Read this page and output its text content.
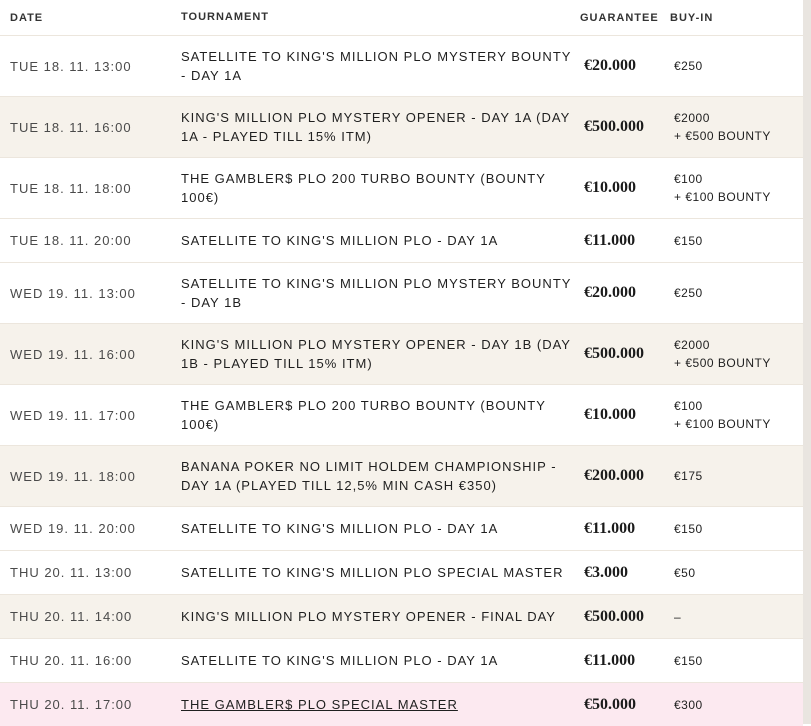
DATE	TOURNAMENT	GUARANTEE	BUY-IN
TUE 18. 11. 13:00
SATELLITE TO KING'S MILLION PLO MYSTERY BOUNTY - DAY 1A
€20.000	€250
TUE 18. 11. 16:00
KING'S MILLION PLO MYSTERY OPENER - DAY 1A (DAY 1A - PLAYED TILL 15% ITM)
€500.000	€2000
+ €500 BOUNTY
TUE 18. 11. 18:00
THE GAMBLER$ PLO 200 TURBO BOUNTY (BOUNTY 100€)
€10.000	€100
+ €100 BOUNTY
TUE 18. 11. 20:00	SATELLITE TO KING'S MILLION PLO - DAY 1A	€11.000	€150
WED 19. 11. 13:00
SATELLITE TO KING'S MILLION PLO MYSTERY BOUNTY - DAY 1B
€20.000	€250
WED 19. 11. 16:00
KING'S MILLION PLO MYSTERY OPENER - DAY 1B (DAY 1B - PLAYED TILL 15% ITM)
€500.000	€2000
+ €500 BOUNTY
WED 19. 11. 17:00
THE GAMBLER$ PLO 200 TURBO BOUNTY (BOUNTY 100€)
€10.000	€100
+ €100 BOUNTY
WED 19. 11. 18:00
BANANA POKER NO LIMIT HOLDEM CHAMPIONSHIP - DAY 1A (PLAYED TILL 12,5% MIN CASH €350)
€200.000	€175
WED 19. 11. 20:00	SATELLITE TO KING'S MILLION PLO - DAY 1A	€11.000	€150
THU 20. 11. 13:00	SATELLITE TO KING'S MILLION PLO SPECIAL MASTER	€3.000	€50
THU 20. 11. 14:00	KING'S MILLION PLO MYSTERY OPENER - FINAL DAY	€500.000	–
THU 20. 11. 16:00	SATELLITE TO KING'S MILLION PLO - DAY 1A	€11.000	€150
THU 20. 11. 17:00	THE GAMBLER$ PLO SPECIAL MASTER	€50.000	€300
